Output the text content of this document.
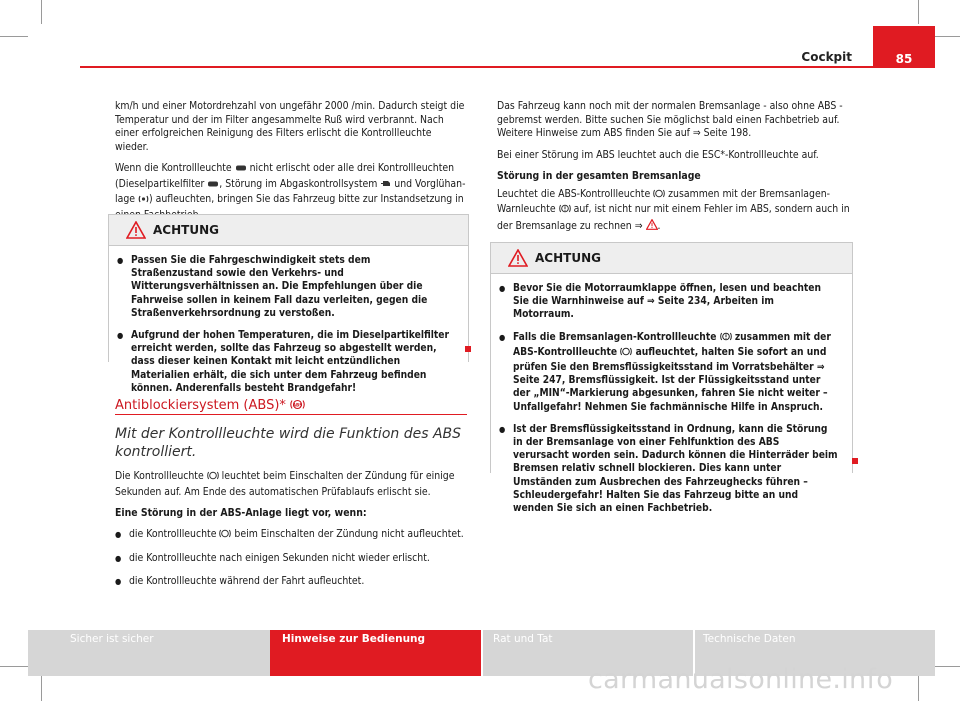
Cockpit	85

km/h und einer Motordrehzahl von ungefähr 2000 /min. Dadurch steigt die Temperatur und der im Filter angesammelte Ruß wird verbrannt. Nach einer erfolgreichen Reinigung des Filters erlischt die Kontrollleuchte wieder.

Wenn die Kontrollleuchte nicht erlischt oder alle drei Kontrollleuchten (Dieselpartikelfilter , Störung im Abgaskontrollsystem und Vorglühanlage ) aufleuchten, bringen Sie das Fahrzeug bitte zur Instandsetzung in

ACHTUNG
● Passen Sie die Fahrgeschwindigkeit stets dem Straßenzustand sowie den Verkehrs- und Witterungsverhältnissen an. Die Empfehlungen über die Fahrweise sollen in keinem Fall dazu verleiten, gegen die Straßenverkehrsordnung zu verstoßen.
● Aufgrund der hohen Temperaturen, die im Dieselpartikelfilter erreicht werden, sollte das Fahrzeug so abgestellt werden, dass dieser keinen Kontakt mit leicht entzündlichen Materialien erhält, die sich unter dem Fahrzeug befinden können. Anderenfalls besteht Brandgefahr!
Antiblockiersystem (ABS)* ABS
Mit der Kontrollleuchte wird die Funktion des ABS kontrolliert.

Die Kontrollleuchte leuchtet beim Einschalten der Zündung für einige Sekunden auf. Am Ende des automatischen Prüfablaufs erlischt sie.

Eine Störung in der ABS-Anlage liegt vor, wenn:

● die Kontrollleuchte beim Einschalten der Zündung nicht aufleuchtet.
● die Kontrollleuchte nach einigen Sekunden nicht wieder erlischt.
● die Kontrollleuchte während der Fahrt aufleuchtet.

Das Fahrzeug kann noch mit der normalen Bremsanlage - also ohne ABS - gebremst werden. Bitte suchen Sie möglichst bald einen Fachbetrieb auf. Weitere Hinweise zum ABS finden Sie auf ⇒ Seite 198.

Bei einer Störung im ABS leuchtet auch die ESC*-Kontrollleuchte auf.

Störung in der gesamten Bremsanlage

Leuchtet die ABS-Kontrollleuchte zusammen mit der Bremsanlagen-Warnleuchte auf, ist nicht nur mit einem Fehler im ABS, sondern auch in der Bremsanlage zu rechnen ⇒ .

ACHTUNG
● Bevor Sie die Motorraumklappe öffnen, lesen und beachten Sie die Warnhinweise auf ⇒ Seite 234, Arbeiten im Motorraum.
● Falls die Bremsanlagen-Kontrollleuchte zusammen mit der ABS-Kontrollleuchte aufleuchtet, halten Sie sofort an und prüfen Sie den Bremsflüssigkeitsstand im Vorratsbehälter ⇒ Seite 247, Bremsflüssigkeit. Ist der Flüssigkeitsstand unter der „MIN“-Markierung abgesunken, fahren Sie nicht weiter – Unfallgefahr! Nehmen Sie fachmännische Hilfe in Anspruch.
● Ist der Bremsflüssigkeitsstand in Ordnung, kann die Störung in der Bremsanlage von einer Fehlfunktion des ABS verursacht worden sein. Dadurch können die Hinterräder beim Bremsen relativ schnell blockieren. Dies kann unter Umständen zum Ausbrechen des Fahrzeughecks führen – Schleudergefahr! Halten Sie das Fahrzeug bitte an und wenden Sie sich an einen Fachbetrieb.
Sicher ist sicher	Hinweise zur Bedienung	Rat und Tat	Technische Daten
carmanualsonline.info
